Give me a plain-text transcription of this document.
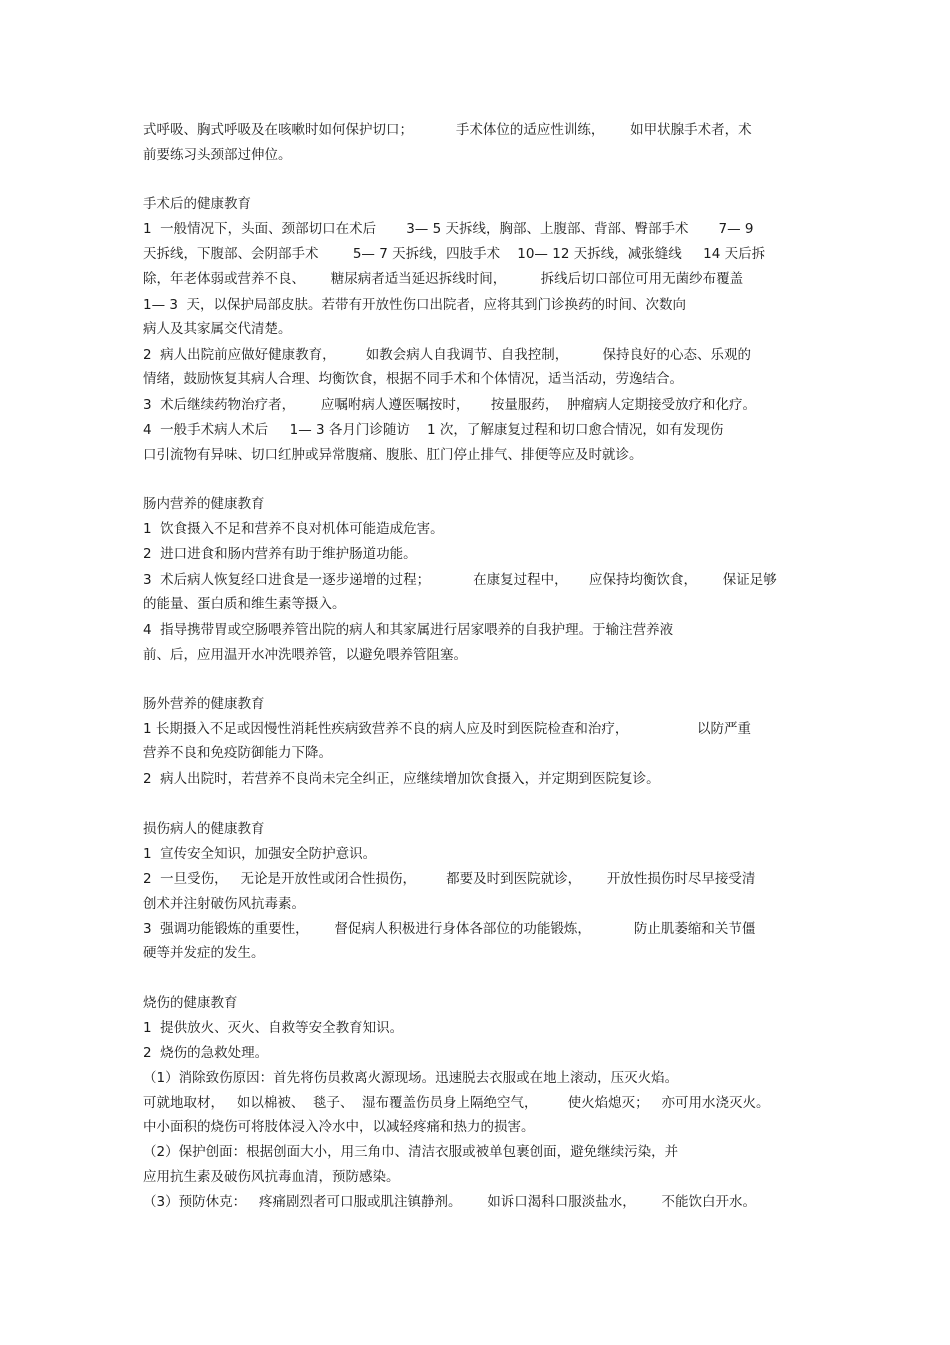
式呼吸、胸式呼吸及在咳嗽时如何保护切口；          手术体位的适应性训练，      如甲状腺手术者，术
前要练习头颈部过伸位。
手术后的健康教育
1  一般情况下，头面、颈部切口在术后       3— 5 天拆线，胸部、上腹部、背部、臀部手术       7— 9
天拆线，下腹部、会阴部手术        5— 7 天拆线，四肢手术    10— 12 天拆线，减张缝线     14 天后拆
除，年老体弱或营养不良、      糖尿病者适当延迟拆线时间，        拆线后切口部位可用无菌纱布覆盖
1— 3  天，以保护局部皮肤。若带有开放性伤口出院者，应将其到门诊换药的时间、次数向
病人及其家属交代清楚。
2  病人出院前应做好健康教育，       如教会病人自我调节、自我控制，        保持良好的心态、乐观的
情绪，鼓励恢复其病人合理、均衡饮食，根据不同手术和个体情况，适当活动，劳逸结合。
3  术后继续药物治疗者，      应嘱咐病人遵医嘱按时，     按量服药，  肿瘤病人定期接受放疗和化疗。
4  一般手术病人术后     1— 3 各月门诊随访    1 次，了解康复过程和切口愈合情况，如有发现伤
口引流物有异味、切口红肿或异常腹痛、腹胀、肛门停止排气、排便等应及时就诊。
肠内营养的健康教育
1  饮食摄入不足和营养不良对机体可能造成危害。
2  进口进食和肠内营养有助于维护肠道功能。
3  术后病人恢复经口进食是一逐步递增的过程；          在康复过程中，     应保持均衡饮食，      保证足够
的能量、蛋白质和维生素等摄入。
4  指导携带胃或空肠喂养管出院的病人和其家属进行居家喂养的自我护理。于输注营养液
前、后，应用温开水冲洗喂养管，以避免喂养管阻塞。
肠外营养的健康教育
1 长期摄入不足或因慢性消耗性疾病致营养不良的病人应及时到医院检查和治疗，                以防严重
营养不良和免疫防御能力下降。
2  病人出院时，若营养不良尚未完全纠正，应继续增加饮食摄入，并定期到医院复诊。
损伤病人的健康教育
1  宣传安全知识，加强安全防护意识。
2  一旦受伤，   无论是开放性或闭合性损伤，       都要及时到医院就诊，      开放性损伤时尽早接受清
创术并注射破伤风抗毒素。
3  强调功能锻炼的重要性，      督促病人积极进行身体各部位的功能锻炼，          防止肌萎缩和关节僵
硬等并发症的发生。
烧伤的健康教育
1  提供放火、灭火、自救等安全教育知识。
2  烧伤的急救处理。
（1）消除致伤原因：首先将伤员救离火源现场。迅速脱去衣服或在地上滚动，压灭火焰。
可就地取材，   如以棉被、  毯子、  湿布覆盖伤员身上隔绝空气，       使火焰熄灭；   亦可用水浇灭火。
中小面积的烧伤可将肢体浸入冷水中，以减轻疼痛和热力的损害。
（2）保护创面：根据创面大小，用三角巾、清洁衣服或被单包裹创面，避免继续污染，并
应用抗生素及破伤风抗毒血清，预防感染。
（3）预防休克：   疼痛剧烈者可口服或肌注镇静剂。      如诉口渴科口服淡盐水，      不能饮白开水。
